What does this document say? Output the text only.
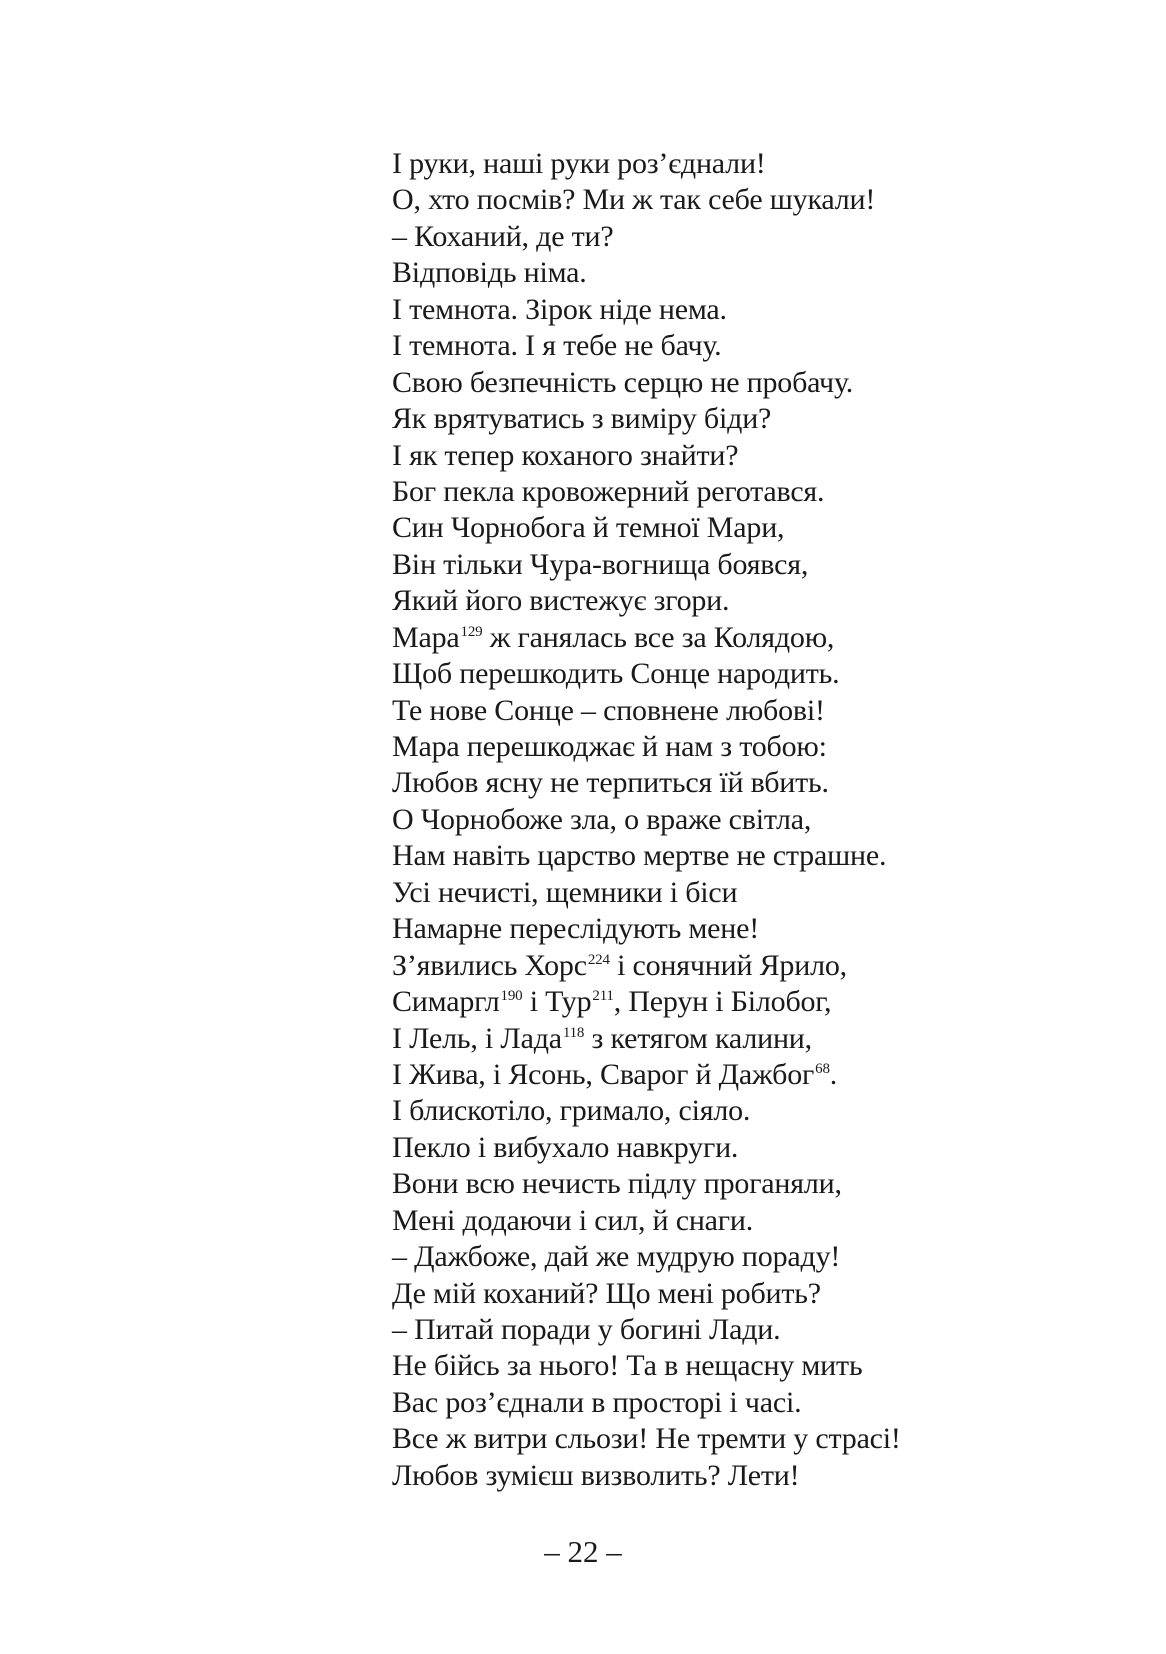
І руки, наші руки роз’єднали!
О, хто посмів? Ми ж так себе шукали!
– Коханий, де ти?
Відповідь німа.
І темнота. Зірок ніде нема.
І темнота. І я тебе не бачу.
Свою безпечність серцю не пробачу.
Як врятуватись з виміру біди?
І як тепер коханого знайти?
Бог пекла кровожерний реготався.
Син Чорнобога й темної Мари,
Він тільки Чура-вогнища боявся,
Який його вистежує згори.
Мара$^{129}$ ж ганялась все за Колядою,
Щоб перешкодить Сонце народить.
Те нове Сонце – сповнене любові!
Мара перешкоджає й нам з тобою:
Любов ясну не терпиться їй вбить.
О Чорнобоже зла, о враже світла,
Нам навіть царство мертве не страшне.
Усі нечисті, щемники і біси
Намарне переслідують мене!
З’явились Хорс$^{224}$ і сонячний Ярило,
Симаргл$^{190}$ і Тур$^{211}$, Перун і Білобог,
І Лель, і Лада$^{118}$ з кетягом калини,
І Жива, і Ясонь, Сварог й Дажбог$^{68}$.
І блискотіло, гримало, сіяло.
Пекло і вибухало навкруги.
Вони всю нечисть підлу проганяли,
Мені додаючи і сил, й снаги.
– Дажбоже, дай же мудрую пораду!
Де мій коханий? Що мені робить?
– Питай поради у богині Лади.
Не бійсь за нього! Та в нещасну мить
Вас роз’єднали в просторі і часі.
Все ж витри сльози! Не тремти у страсі!
Любов зумієш визволить? Лети!
– 22 –
